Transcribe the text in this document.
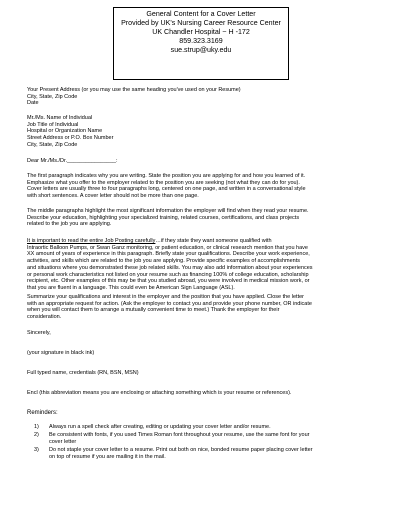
General Content for a Cover Letter
Provided by UK's Nursing Career Resource Center
UK Chandler Hospital ~ H -172
859.323.3169
sue.strup@uky.edu
Your Present Address (or you may use the same heading you've used on your Resume)
City, State, Zip Code
Date
Mr./Ms. Name of Individual
Job Title of Individual
Hospital or Organization Name
Street Address or P.O. Box Number
City, State, Zip Code
Dear Mr./Ms./Dr.________________:
The first paragraph indicates why you are writing. State the position you are applying for and how you learned of it.
Emphasize what you offer to the employer related to the position you are seeking (not what they can do for you).
Cover letters are usually three to four paragraphs long, centered on one page, and written in a conversational style
with short sentences. A cover letter should not be more than one page.
The middle paragraphs highlight the most significant information the employer will find when they read your resume.
Describe your education, highlighting your specialized training, related courses, certifications, and class projects
related to the job you are applying.
It is important to read the entire Job Posting carefully…if they state they want someone qualified with
Intraortic Balloon Pumps, or Swan Ganz monitoring, or patient education, or clinical research mention that you have
XX amount of years of experience in this paragraph. Briefly state your qualifications. Describe your work experience,
activities, and skills which are related to the job you are applying. Provide specific examples of accomplishments
and situations where you demonstrated these job related skills. You may also add information about your experiences
or personal work characteristics not listed on your resume such as financing 100% of college education, scholarship
recipient, etc. Other examples of this may be that you studied abroad, you were involved in medical mission work, or
that you are fluent in a language. This could even be American Sign Language (ASL).
Summarize your qualifications and interest in the employer and the position that you have applied. Close the letter
with an appropriate request for action. (Ask the employer to contact you and provide your phone number, OR indicate
when you will contact them to arrange a mutually convenient time to meet.) Thank the employer for their
consideration.
Sincerely,
(your signature in black ink)
Full typed name, credentials (RN, BSN, MSN)
Encl (this abbreviation means you are enclosing or attaching something which is your resume or references).
Reminders:
1) Always run a spell check after creating, editing or updating your cover letter and/or resume.
2) Be consistent with fonts, if you used Times Roman font throughout your resume, use the same font for your
cover letter
3) Do not staple your cover letter to a resume. Print out both on nice, bonded resume paper placing cover letter
on top of resume if you are mailing it in the mail.
